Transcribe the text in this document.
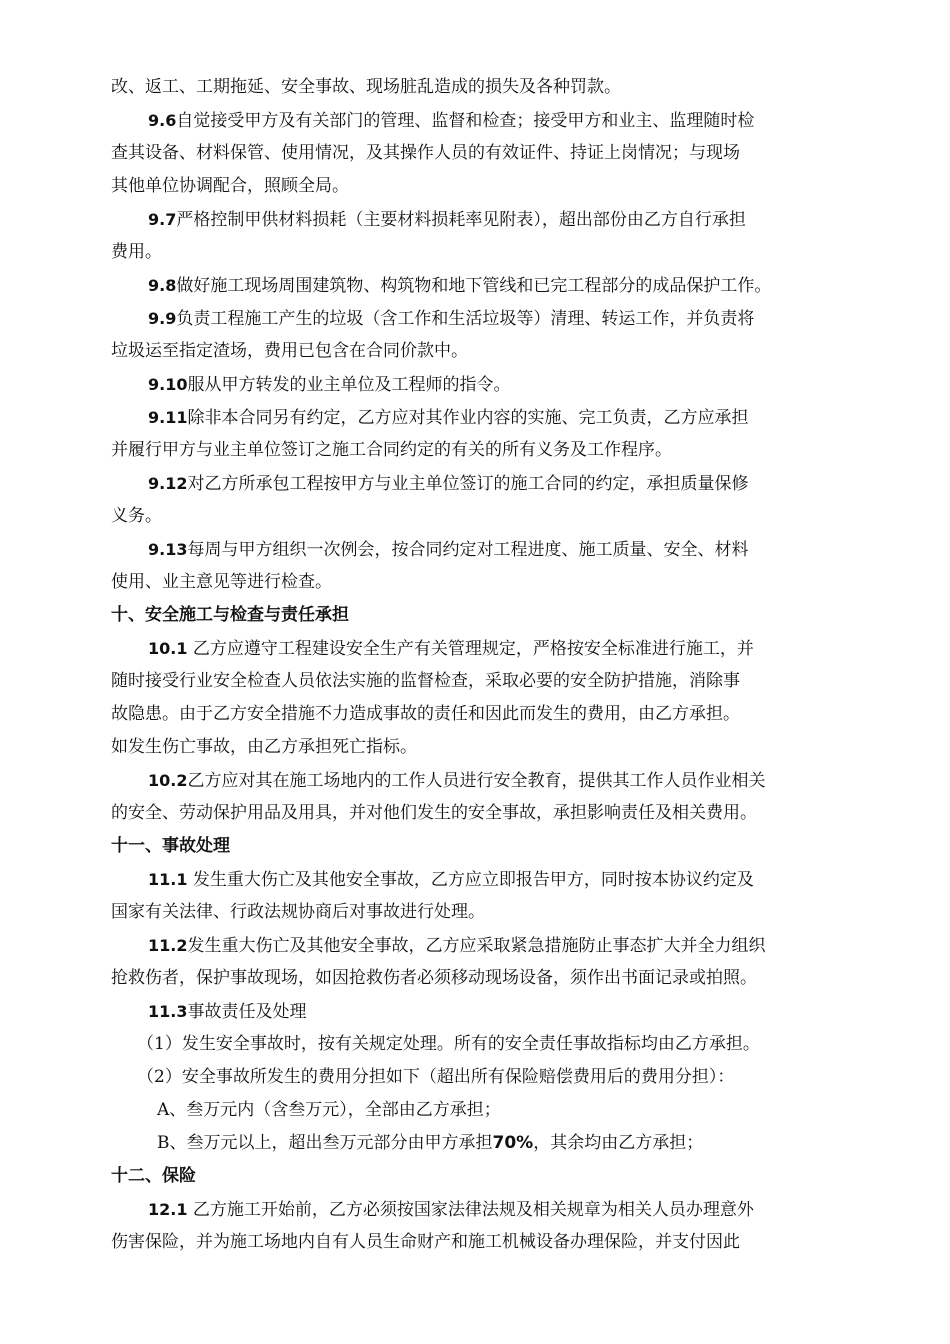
改、返工、工期拖延、安全事故、现场脏乱造成的损失及各种罚款。
9.6自觉接受甲方及有关部门的管理、监督和检查；接受甲方和业主、监理随时检
查其设备、材料保管、使用情况，及其操作人员的有效证件、持证上岗情况；与现场
其他单位协调配合，照顾全局。
9.7严格控制甲供材料损耗（主要材料损耗率见附表），超出部份由乙方自行承担
费用。
9.8做好施工现场周围建筑物、构筑物和地下管线和已完工程部分的成品保护工作。
9.9负责工程施工产生的垃圾（含工作和生活垃圾等）清理、转运工作，并负责将
垃圾运至指定渣场，费用已包含在合同价款中。
9.10服从甲方转发的业主单位及工程师的指令。
9.11除非本合同另有约定，乙方应对其作业内容的实施、完工负责，乙方应承担
并履行甲方与业主单位签订之施工合同约定的有关的所有义务及工作程序。
9.12对乙方所承包工程按甲方与业主单位签订的施工合同的约定，承担质量保修
义务。
9.13每周与甲方组织一次例会，按合同约定对工程进度、施工质量、安全、材料
使用、业主意见等进行检查。
十、安全施工与检查与责任承担
10.1 乙方应遵守工程建设安全生产有关管理规定，严格按安全标准进行施工，并
随时接受行业安全检查人员依法实施的监督检查，采取必要的安全防护措施，消除事
故隐患。由于乙方安全措施不力造成事故的责任和因此而发生的费用，由乙方承担。
如发生伤亡事故，由乙方承担死亡指标。
10.2乙方应对其在施工场地内的工作人员进行安全教育，提供其工作人员作业相关
的安全、劳动保护用品及用具，并对他们发生的安全事故，承担影响责任及相关费用。
十一、事故处理
11.1 发生重大伤亡及其他安全事故，乙方应立即报告甲方，同时按本协议约定及
国家有关法律、行政法规协商后对事故进行处理。
11.2发生重大伤亡及其他安全事故，乙方应采取紧急措施防止事态扩大并全力组织
抢救伤者，保护事故现场，如因抢救伤者必须移动现场设备，须作出书面记录或拍照。
11.3事故责任及处理
（1）发生安全事故时，按有关规定处理。所有的安全责任事故指标均由乙方承担。
（2）安全事故所发生的费用分担如下（超出所有保险赔偿费用后的费用分担）：
A、叁万元内（含叁万元），全部由乙方承担；
B、叁万元以上，超出叁万元部分由甲方承担70%，其余均由乙方承担；
十二、保险
12.1 乙方施工开始前，乙方必须按国家法律法规及相关规章为相关人员办理意外
伤害保险，并为施工场地内自有人员生命财产和施工机械设备办理保险，并支付因此
